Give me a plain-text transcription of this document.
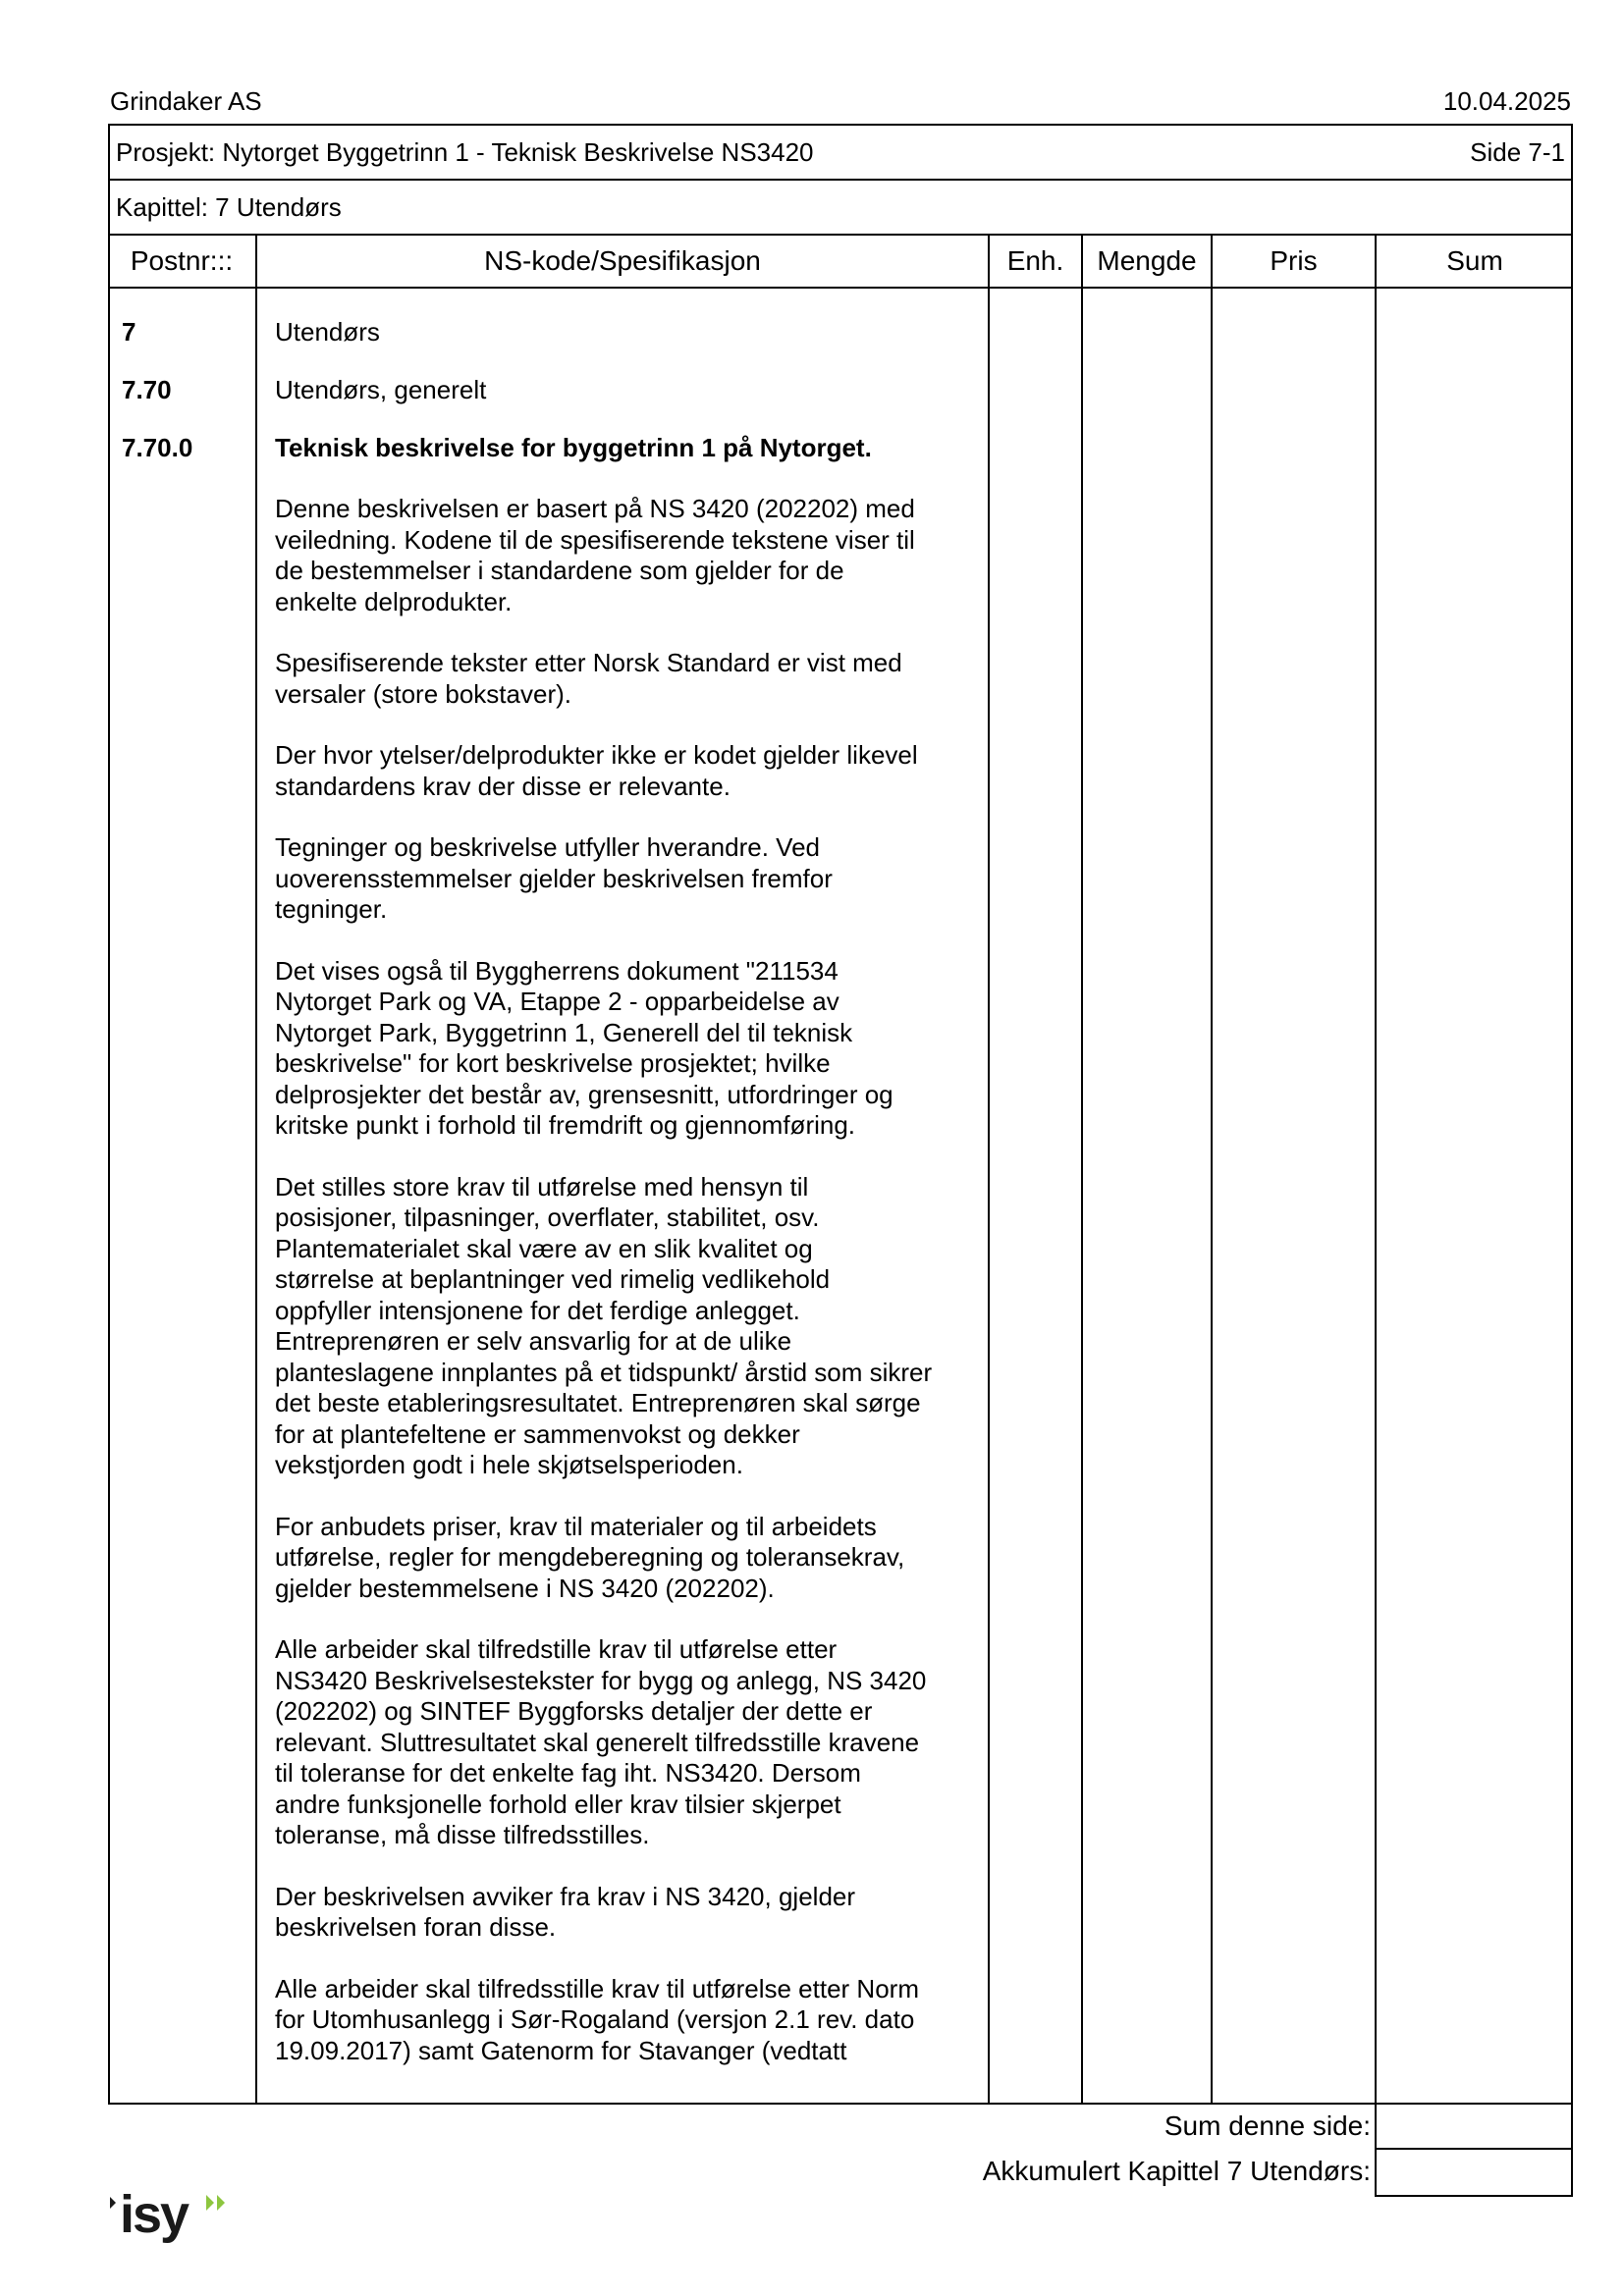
Grindaker AS	10.04.2025
Prosjekt: Nytorget Byggetrinn 1 - Teknisk Beskrivelse NS3420	Side 7-1
Kapittel: 7 Utendørs
Postnr:::	NS-kode/Spesifikasjon	Enh.	Mengde	Pris	Sum
7	Utendørs
7.70	Utendørs, generelt
7.70.0	Teknisk beskrivelse for byggetrinn 1 på Nytorget.
Denne beskrivelsen er basert på NS 3420 (202202) med
veiledning. Kodene til de spesifiserende tekstene viser til
de bestemmelser i standardene som gjelder for de
enkelte delprodukter.
Spesifiserende tekster etter Norsk Standard er vist med
versaler (store bokstaver).
Der hvor ytelser/delprodukter ikke er kodet gjelder likevel
standardens krav der disse er relevante.
Tegninger og beskrivelse utfyller hverandre. Ved
uoverensstemmelser gjelder beskrivelsen fremfor
tegninger.
Det vises også til Byggherrens dokument "211534
Nytorget Park og VA, Etappe 2 - opparbeidelse av
Nytorget Park, Byggetrinn 1, Generell del til teknisk
beskrivelse" for kort beskrivelse prosjektet; hvilke
delprosjekter det består av, grensesnitt, utfordringer og
kritske punkt i forhold til fremdrift og gjennomføring.
Det stilles store krav til utførelse med hensyn til
posisjoner, tilpasninger, overflater, stabilitet, osv.
Plantematerialet skal være av en slik kvalitet og
størrelse at beplantninger ved rimelig vedlikehold
oppfyller intensjonene for det ferdige anlegget.
Entreprenøren er selv ansvarlig for at de ulike
planteslagene innplantes på et tidspunkt/ årstid som sikrer
det beste etableringsresultatet. Entreprenøren skal sørge
for at plantefeltene er sammenvokst og dekker
vekstjorden godt i hele skjøtselsperioden.
For anbudets priser, krav til materialer og til arbeidets
utførelse, regler for mengdeberegning og toleransekrav,
gjelder bestemmelsene i NS 3420 (202202).
Alle arbeider skal tilfredstille krav til utførelse etter
NS3420 Beskrivelsestekster for bygg og anlegg, NS 3420
(202202) og SINTEF Byggforsks detaljer der dette er
relevant. Sluttresultatet skal generelt tilfredsstille kravene
til toleranse for det enkelte fag iht. NS3420. Dersom
andre funksjonelle forhold eller krav tilsier skjerpet
toleranse, må disse tilfredsstilles.
Der beskrivelsen avviker fra krav i NS 3420, gjelder
beskrivelsen foran disse.
Alle arbeider skal tilfredsstille krav til utførelse etter Norm
for Utomhusanlegg i Sør-Rogaland (versjon 2.1 rev. dato
19.09.2017) samt Gatenorm for Stavanger (vedtatt
Sum denne side:
Akkumulert Kapittel 7 Utendørs:
isy
